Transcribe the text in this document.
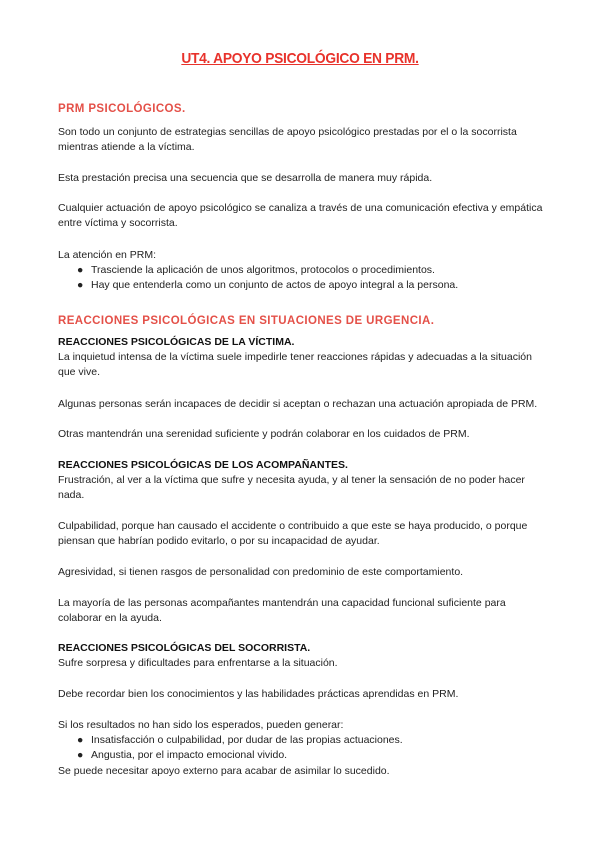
UT4. APOYO PSICOLÓGICO EN PRM.
PRM PSICOLÓGICOS.

Son todo un conjunto de estrategias sencillas de apoyo psicológico prestadas por el o la socorrista mientras atiende a la víctima.

Esta prestación precisa una secuencia que se desarrolla de manera muy rápida.

Cualquier actuación de apoyo psicológico se canaliza a través de una comunicación efectiva y empática entre víctima y socorrista.

La atención en PRM:

● Trasciende la aplicación de unos algoritmos, protocolos o procedimientos.
● Hay que entenderla como un conjunto de actos de apoyo integral a la persona.
REACCIONES PSICOLÓGICAS EN SITUACIONES DE URGENCIA.

REACCIONES PSICOLÓGICAS DE LA VÍCTIMA.

La inquietud intensa de la víctima suele impedirle tener reacciones rápidas y adecuadas a la situación que vive.

Algunas personas serán incapaces de decidir si aceptan o rechazan una actuación apropiada de PRM.

Otras mantendrán una serenidad suficiente y podrán colaborar en los cuidados de PRM.

REACCIONES PSICOLÓGICAS DE LOS ACOMPAÑANTES.

Frustración, al ver a la víctima que sufre y necesita ayuda, y al tener la sensación de no poder hacer nada.

Culpabilidad, porque han causado el accidente o contribuido a que este se haya producido, o porque piensan que habrían podido evitarlo, o por su incapacidad de ayudar.

Agresividad, si tienen rasgos de personalidad con predominio de este comportamiento.

La mayoría de las personas acompañantes mantendrán una capacidad funcional suficiente para colaborar en la ayuda.

REACCIONES PSICOLÓGICAS DEL SOCORRISTA.

Sufre sorpresa y dificultades para enfrentarse a la situación.

Debe recordar bien los conocimientos y las habilidades prácticas aprendidas en PRM.

Si los resultados no han sido los esperados, pueden generar:

● Insatisfacción o culpabilidad, por dudar de las propias actuaciones.
● Angustia, por el impacto emocional vivido.

Se puede necesitar apoyo externo para acabar de asimilar lo sucedido.
